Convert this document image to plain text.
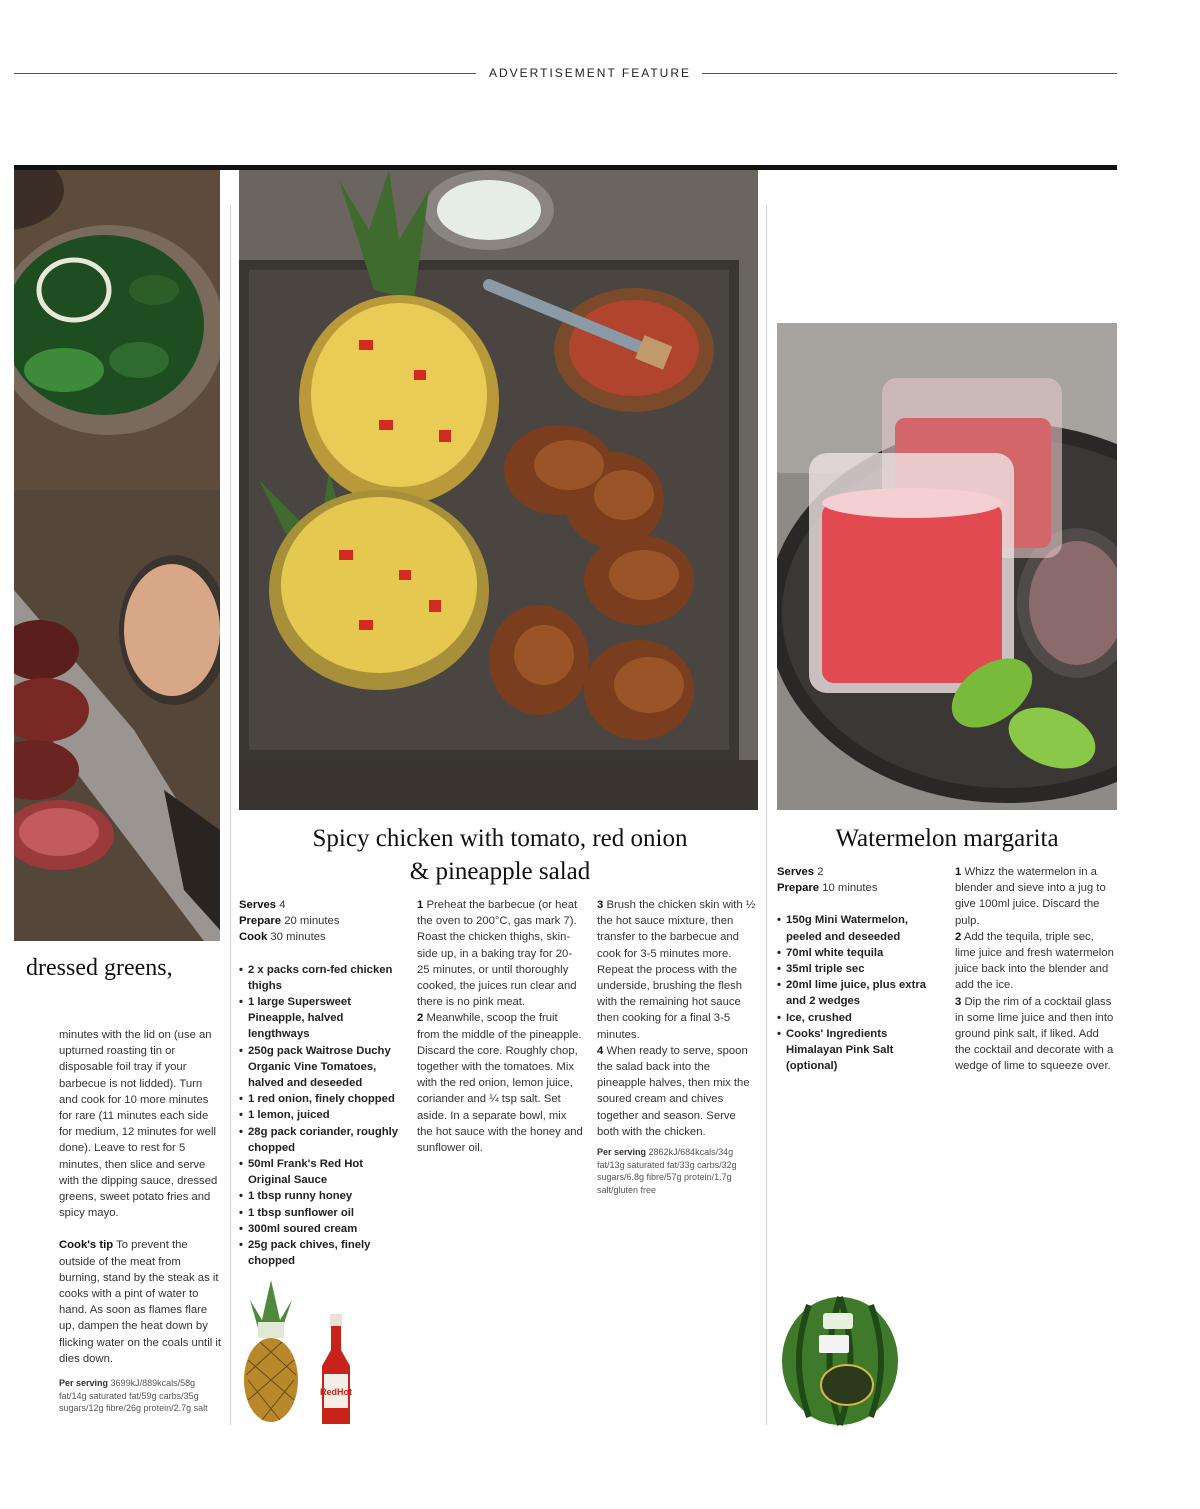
ADVERTISEMENT FEATURE
dressed greens,

minutes with the lid on (use an upturned roasting tin or disposable foil tray if your barbecue is not lidded). Turn and cook for 10 more minutes for rare (11 minutes each side for medium, 12 minutes for well done). Leave to rest for 5 minutes, then slice and serve with the dipping sauce, dressed greens, sweet potato fries and spicy mayo.

Cook's tip To prevent the outside of the meat from burning, stand by the steak as it cooks with a pint of water to hand. As soon as flames flare up, dampen the heat down by flicking water on the coals until it dies down.

Per serving 3699kJ/889kcals/58g fat/14g saturated fat/59g carbs/35g sugars/12g fibre/26g protein/2.7g salt

Spicy chicken with tomato, red onion
& pineapple salad

Serves 4

Prepare 20 minutes

Cook 30 minutes

• 2 x packs corn-fed chicken thighs
• 1 large Supersweet Pineapple, halved lengthways
• 250g pack Waitrose Duchy Organic Vine Tomatoes, halved and deseeded
• 1 red onion, finely chopped
• 1 lemon, juiced
• 28g pack coriander, roughly chopped
• 50ml Frank's Red Hot Original Sauce
• 1 tbsp runny honey
• 1 tbsp sunflower oil
• 300ml soured cream
• 25g pack chives, finely chopped

1 Preheat the barbecue (or heat the oven to 200°C, gas mark 7). Roast the chicken thighs, skin-side up, in a baking tray for 20-25 minutes, or until thoroughly cooked, the juices run clear and there is no pink meat.

2 Meanwhile, scoop the fruit from the middle of the pineapple. Discard the core. Roughly chop, together with the tomatoes. Mix with the red onion, lemon juice, coriander and ¼ tsp salt. Set aside. In a separate bowl, mix the hot sauce with the honey and sunflower oil.

3 Brush the chicken skin with ½ the hot sauce mixture, then transfer to the barbecue and cook for 3-5 minutes more. Repeat the process with the underside, brushing the flesh with the remaining hot sauce then cooking for a final 3-5 minutes.

4 When ready to serve, spoon the salad back into the pineapple halves, then mix the soured cream and chives together and season. Serve both with the chicken.

Per serving 2862kJ/684kcals/34g fat/13g saturated fat/33g carbs/32g sugars/6.8g fibre/57g protein/1.7g salt/gluten free

RedHot
Watermelon margarita

Serves 2

Prepare 10 minutes

• 150g Mini Watermelon, peeled and deseeded
• 70ml white tequila
• 35ml triple sec
• 20ml lime juice, plus extra and 2 wedges
• Ice, crushed
• Cooks' Ingredients Himalayan Pink Salt (optional)

1 Whizz the watermelon in a blender and sieve into a jug to give 100ml juice. Discard the pulp.

2 Add the tequila, triple sec, lime juice and fresh watermelon juice back into the blender and add the ice.

3 Dip the rim of a cocktail glass in some lime juice and then into ground pink salt, if liked. Add the cocktail and decorate with a wedge of lime to squeeze over.
